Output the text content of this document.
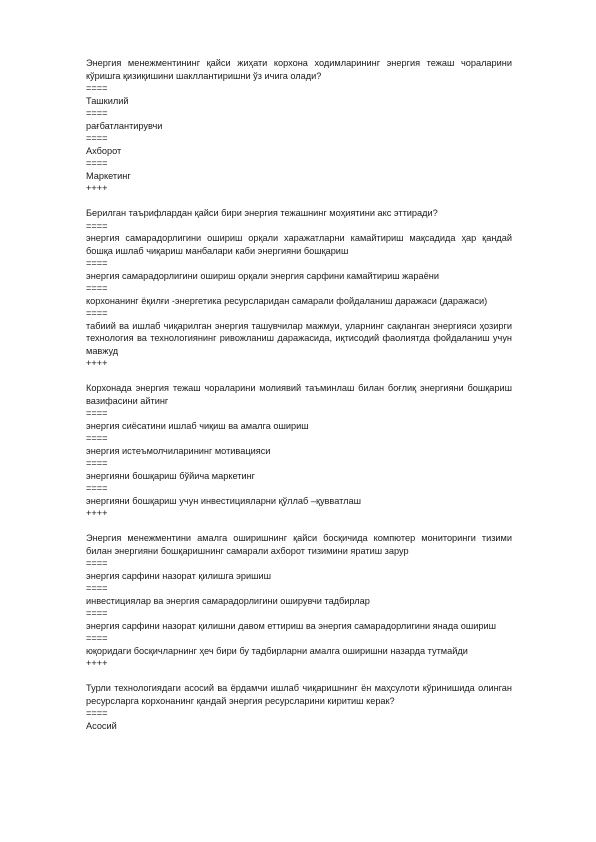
Энергия менежментининг қайси жиҳати корхона ходимларининг энергия тежаш чораларини
кўришга қизиқишини шакллантиришни ўз ичига олади?
====
Ташкилий
====
рағбатлантирувчи
====
Ахборот
====
Маркетинг
++++
Берилган таърифлардан қайси бири энергия тежашнинг моҳиятини акс эттиради?
====
энергия самарадорлигини ошириш орқали харажатларни камайтириш мақсадида ҳар қандай
бошқа ишлаб чиқариш манбалари каби энергияни бошқариш
====
энергия самарадорлигини ошириш орқали энергия сарфини камайтириш жараёни
====
корхонанинг ёқилғи -энергетика ресурсларидан самарали фойдаланиш даражаси (даражаси)
====
табиий ва ишлаб чиқарилган энергия ташувчилар мажмуи, уларнинг сақланган энергияси ҳозирги
технология ва технологиянинг ривожланиш даражасида, иқтисодий фаолиятда фойдаланиш учун
мавжуд
++++
Корхонада энергия тежаш чораларини молиявий таъминлаш билан боғлиқ энергияни бошқариш
вазифасини айтинг
====
энергия сиёсатини ишлаб чиқиш ва амалга ошириш
====
энергия истеъмолчиларининг мотивацияси
====
энергияни бошқариш бўйича маркетинг
====
энергияни бошқариш учун инвестицияларни қўллаб –қувватлаш
++++
Энергия менежментини амалга оширишнинг қайси босқичида компютер мониторинги тизими
билан энергияни бошқаришнинг самарали ахборот тизимини яратиш зарур
====
энергия сарфини назорат қилишга эришиш
====
инвестициялар ва энергия самарадорлигини оширувчи тадбирлар
====
энергия сарфини назорат қилишни давом еттириш ва энергия самарадорлигини янада ошириш
====
юқоридаги босқичларнинг ҳеч бири бу тадбирларни амалга оширишни назарда тутмайди
++++
Турли технологиядаги асосий ва ёрдамчи ишлаб чиқаришнинг ён маҳсулоти кўринишида олинган
ресурсларга корхонанинг қандай энергия ресурсларини киритиш керак?
====
Асосий
